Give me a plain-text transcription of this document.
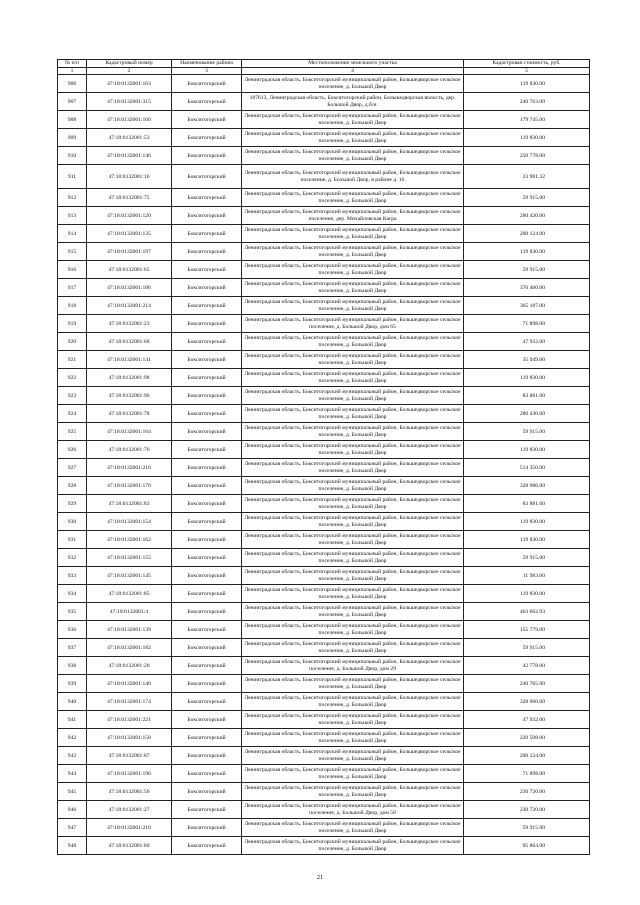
№ п/п	Кадастровый номер	Наименование района	Местоположение земельного участка	Кадастровая стоимость, руб.
1	2	3	4	5
906	47:18:0132001:163	Бокситогорский	Ленинградская область, Бокситогорский муниципальный район, Большедворское сельское поселение, д. Большой Двор	119 830.00
907	47:18:0132001:315	Бокситогорский	187613, Ленинградская область, Бокситогорский район, Большедворская волость, дер. Большой Двор, д.б/н.	240 763.00
908	47:18:0132001:160	Бокситогорский	Ленинградская область, Бокситогорский муниципальный район, Большедворское сельское поселение, д. Большой Двор	179 745.00
909	47:18:0132001:53	Бокситогорский	Ленинградская область, Бокситогорский муниципальный район, Большедворское сельское поселение, д. Большой Двор	119 830.00
910	47:18:0132001:146	Бокситогорский	Ленинградская область, Бокситогорский муниципальный район, Большедворское сельское поселение, д. Большой Двор	250 778.00
911	47:18:0132001:16	Бокситогорский	Ленинградская область, Бокситогорский муниципальный район, Большедворское сельское поселение, д. Большой Двор, в районе д. 16	23 981.32
912	47:18:0132001:75	Бокситогорский	Ленинградская область, Бокситогорский муниципальный район, Большедворское сельское поселение, д. Большой Двор	59 915.00
913	47:18:0132001:120	Бокситогорский	Ленинградская область, Бокситогорский муниципальный район, Большедворское сельское поселение, дер. Михайловская Кагра	280 430.00
914	47:18:0132001:135	Бокситогорский	Ленинградская область, Бокситогорский муниципальный район, Большедворское сельское поселение, д. Большой Двор	200 124.00
915	47:18:0132001:197	Бокситогорский	Ленинградская область, Бокситогорский муниципальный район, Большедворское сельское поселение, д. Большой Двор	119 830.00
916	47:18:0132001:65	Бокситогорский	Ленинградская область, Бокситогорский муниципальный район, Большедворское сельское поселение, д. Большой Двор	59 915.00
917	47:18:0132001:186	Бокситогорский	Ленинградская область, Бокситогорский муниципальный район, Большедворское сельское поселение, д. Большой Двор	376 460.00
918	47:18:0132001:214	Бокситогорский	Ленинградская область, Бокситогорский муниципальный район, Большедворское сельское поселение, д. Большой Двор	365 187.00
919	47:18:0132001:23	Бокситогорский	Ленинградская область, Бокситогорский муниципальный район, Большедворское сельское поселение, д. Большой Двор, дом 65	71 898.00
920	47:18:0132001:60	Бокситогорский	Ленинградская область, Бокситогорский муниципальный район, Большедворское сельское поселение, д. Большой Двор	47 932.00
921	47:18:0132001:141	Бокситогорский	Ленинградская область, Бокситогорский муниципальный район, Большедворское сельское поселение, д. Большой Двор	35 949.00
922	47:18:0132001:98	Бокситогорский	Ленинградская область, Бокситогорский муниципальный район, Большедворское сельское поселение, д. Большой Двор	119 830.00
923	47:18:0132001:96	Бокситогорский	Ленинградская область, Бокситогорский муниципальный район, Большедворское сельское поселение, д. Большой Двор	83 881.00
924	47:18:0132001:78	Бокситогорский	Ленинградская область, Бокситогорский муниципальный район, Большедворское сельское поселение, д. Большой Двор	280 430.00
925	47:18:0132001:164	Бокситогорский	Ленинградская область, Бокситогорский муниципальный район, Большедворское сельское поселение, д. Большой Двор	59 915.00
926	47:18:0132001:76	Бокситогорский	Ленинградская область, Бокситогорский муниципальный район, Большедворское сельское поселение, д. Большой Двор	119 830.00
927	47:18:0132001:216	Бокситогорский	Ленинградская область, Бокситогорский муниципальный район, Большедворское сельское поселение, д. Большой Двор	514 350.00
928	47:18:0132001:170	Бокситогорский	Ленинградская область, Бокситогорский муниципальный район, Большедворское сельское поселение, д. Большой Двор	328 986.00
929	47:18:0132001:83	Бокситогорский	Ленинградская область, Бокситогорский муниципальный район, Большедворское сельское поселение, д. Большой Двор	83 881.00
930	47:18:0132001:154	Бокситогорский	Ленинградская область, Бокситогорский муниципальный район, Большедворское сельское поселение, д. Большой Двор	119 830.00
931	47:18:0132001:162	Бокситогорский	Ленинградская область, Бокситогорский муниципальный район, Большедворское сельское поселение, д. Большой Двор	119 830.00
932	47:18:0132001:155	Бокситогорский	Ленинградская область, Бокситогорский муниципальный район, Большедворское сельское поселение, д. Большой Двор	59 915.00
933	47:18:0132001:145	Бокситогорский	Ленинградская область, Бокситогорский муниципальный район, Большедворское сельское поселение, д. Большой Двор	11 983.00
934	47:18:0132001:85	Бокситогорский	Ленинградская область, Бокситогорский муниципальный район, Большедворское сельское поселение, д. Большой Двор	119 830.00
935	47:18:0132001:4	Бокситогорский	Ленинградская область, Бокситогорский муниципальный район, Большедворское сельское поселение, д. Большой Двор	463 662.93
936	47:18:0132001:139	Бокситогорский	Ленинградская область, Бокситогорский муниципальный район, Большедворское сельское поселение, д. Большой Двор	155 779.00
937	47:18:0132001:182	Бокситогорский	Ленинградская область, Бокситогорский муниципальный район, Большедворское сельское поселение, д. Большой Двор	59 915.00
938	47:18:0132001:20	Бокситогорский	Ленинградская область, Бокситогорский муниципальный район, Большедворское сельское поселение, д. Большой Двор, дом 29	42 778.00
939	47:18:0132001:140	Бокситогорский	Ленинградская область, Бокситогорский муниципальный район, Большедворское сельское поселение, д. Большой Двор	240 765.00
940	47:18:0132001:174	Бокситогорский	Ленинградская область, Бокситогорский муниципальный район, Большедворское сельское поселение, д. Большой Двор	328 060.00
941	47:18:0132001:221	Бокситогорский	Ленинградская область, Бокситогорский муниципальный район, Большедворское сельское поселение, д. Большой Двор	47 932.00
942	47:18:0132001:158	Бокситогорский	Ленинградская область, Бокситогорский муниципальный район, Большедворское сельское поселение, д. Большой Двор	220 598.00
943	47:18:0132001:87	Бокситогорский	Ленинградская область, Бокситогорский муниципальный район, Большедворское сельское поселение, д. Большой Двор	200 124.00
944	47:18:0132001:196	Бокситогорский	Ленинградская область, Бокситогорский муниципальный район, Большедворское сельское поселение, д. Большой Двор	71 898.00
945	47:18:0132001:56	Бокситогорский	Ленинградская область, Бокситогорский муниципальный район, Большедворское сельское поселение, д. Большой Двор	230 720.00
946	47:18:0132001:27	Бокситогорский	Ленинградская область, Бокситогорский муниципальный район, Большедворское сельское поселение, д. Большой Двор, дом 58	230 720.00
947	47:18:0132001:210	Бокситогорский	Ленинградская область, Бокситогорский муниципальный район, Большедворское сельское поселение, д. Большой Двор	59 915.00
948	47:18:0132001:80	Бокситогорский	Ленинградская область, Бокситогорский муниципальный район, Большедворское сельское поселение, д. Большой Двор	95 864.00
21
